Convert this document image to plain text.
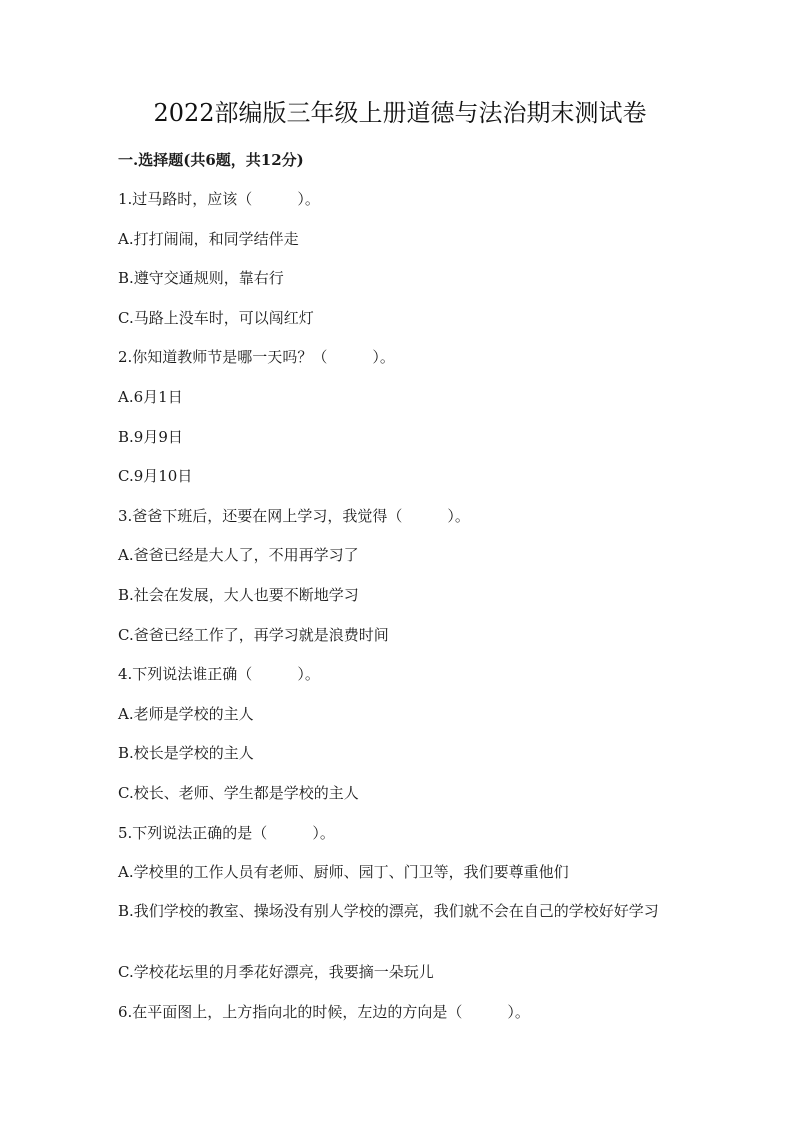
2022部编版三年级上册道德与法治期末测试卷
一.选择题(共6题，共12分)
1.过马路时，应该（　　　）。
A.打打闹闹，和同学结伴走
B.遵守交通规则，靠右行
C.马路上没车时，可以闯红灯
2.你知道教师节是哪一天吗？（　　　）。
A.6月1日
B.9月9日
C.9月10日
3.爸爸下班后，还要在网上学习，我觉得（　　　）。
A.爸爸已经是大人了，不用再学习了
B.社会在发展，大人也要不断地学习
C.爸爸已经工作了，再学习就是浪费时间
4.下列说法谁正确（　　　）。
A.老师是学校的主人
B.校长是学校的主人
C.校长、老师、学生都是学校的主人
5.下列说法正确的是（　　　）。
A.学校里的工作人员有老师、厨师、园丁、门卫等，我们要尊重他们
B.我们学校的教室、操场没有别人学校的漂亮，我们就不会在自己的学校好好学习
C.学校花坛里的月季花好漂亮，我要摘一朵玩儿
6.在平面图上，上方指向北的时候，左边的方向是（　　　）。
